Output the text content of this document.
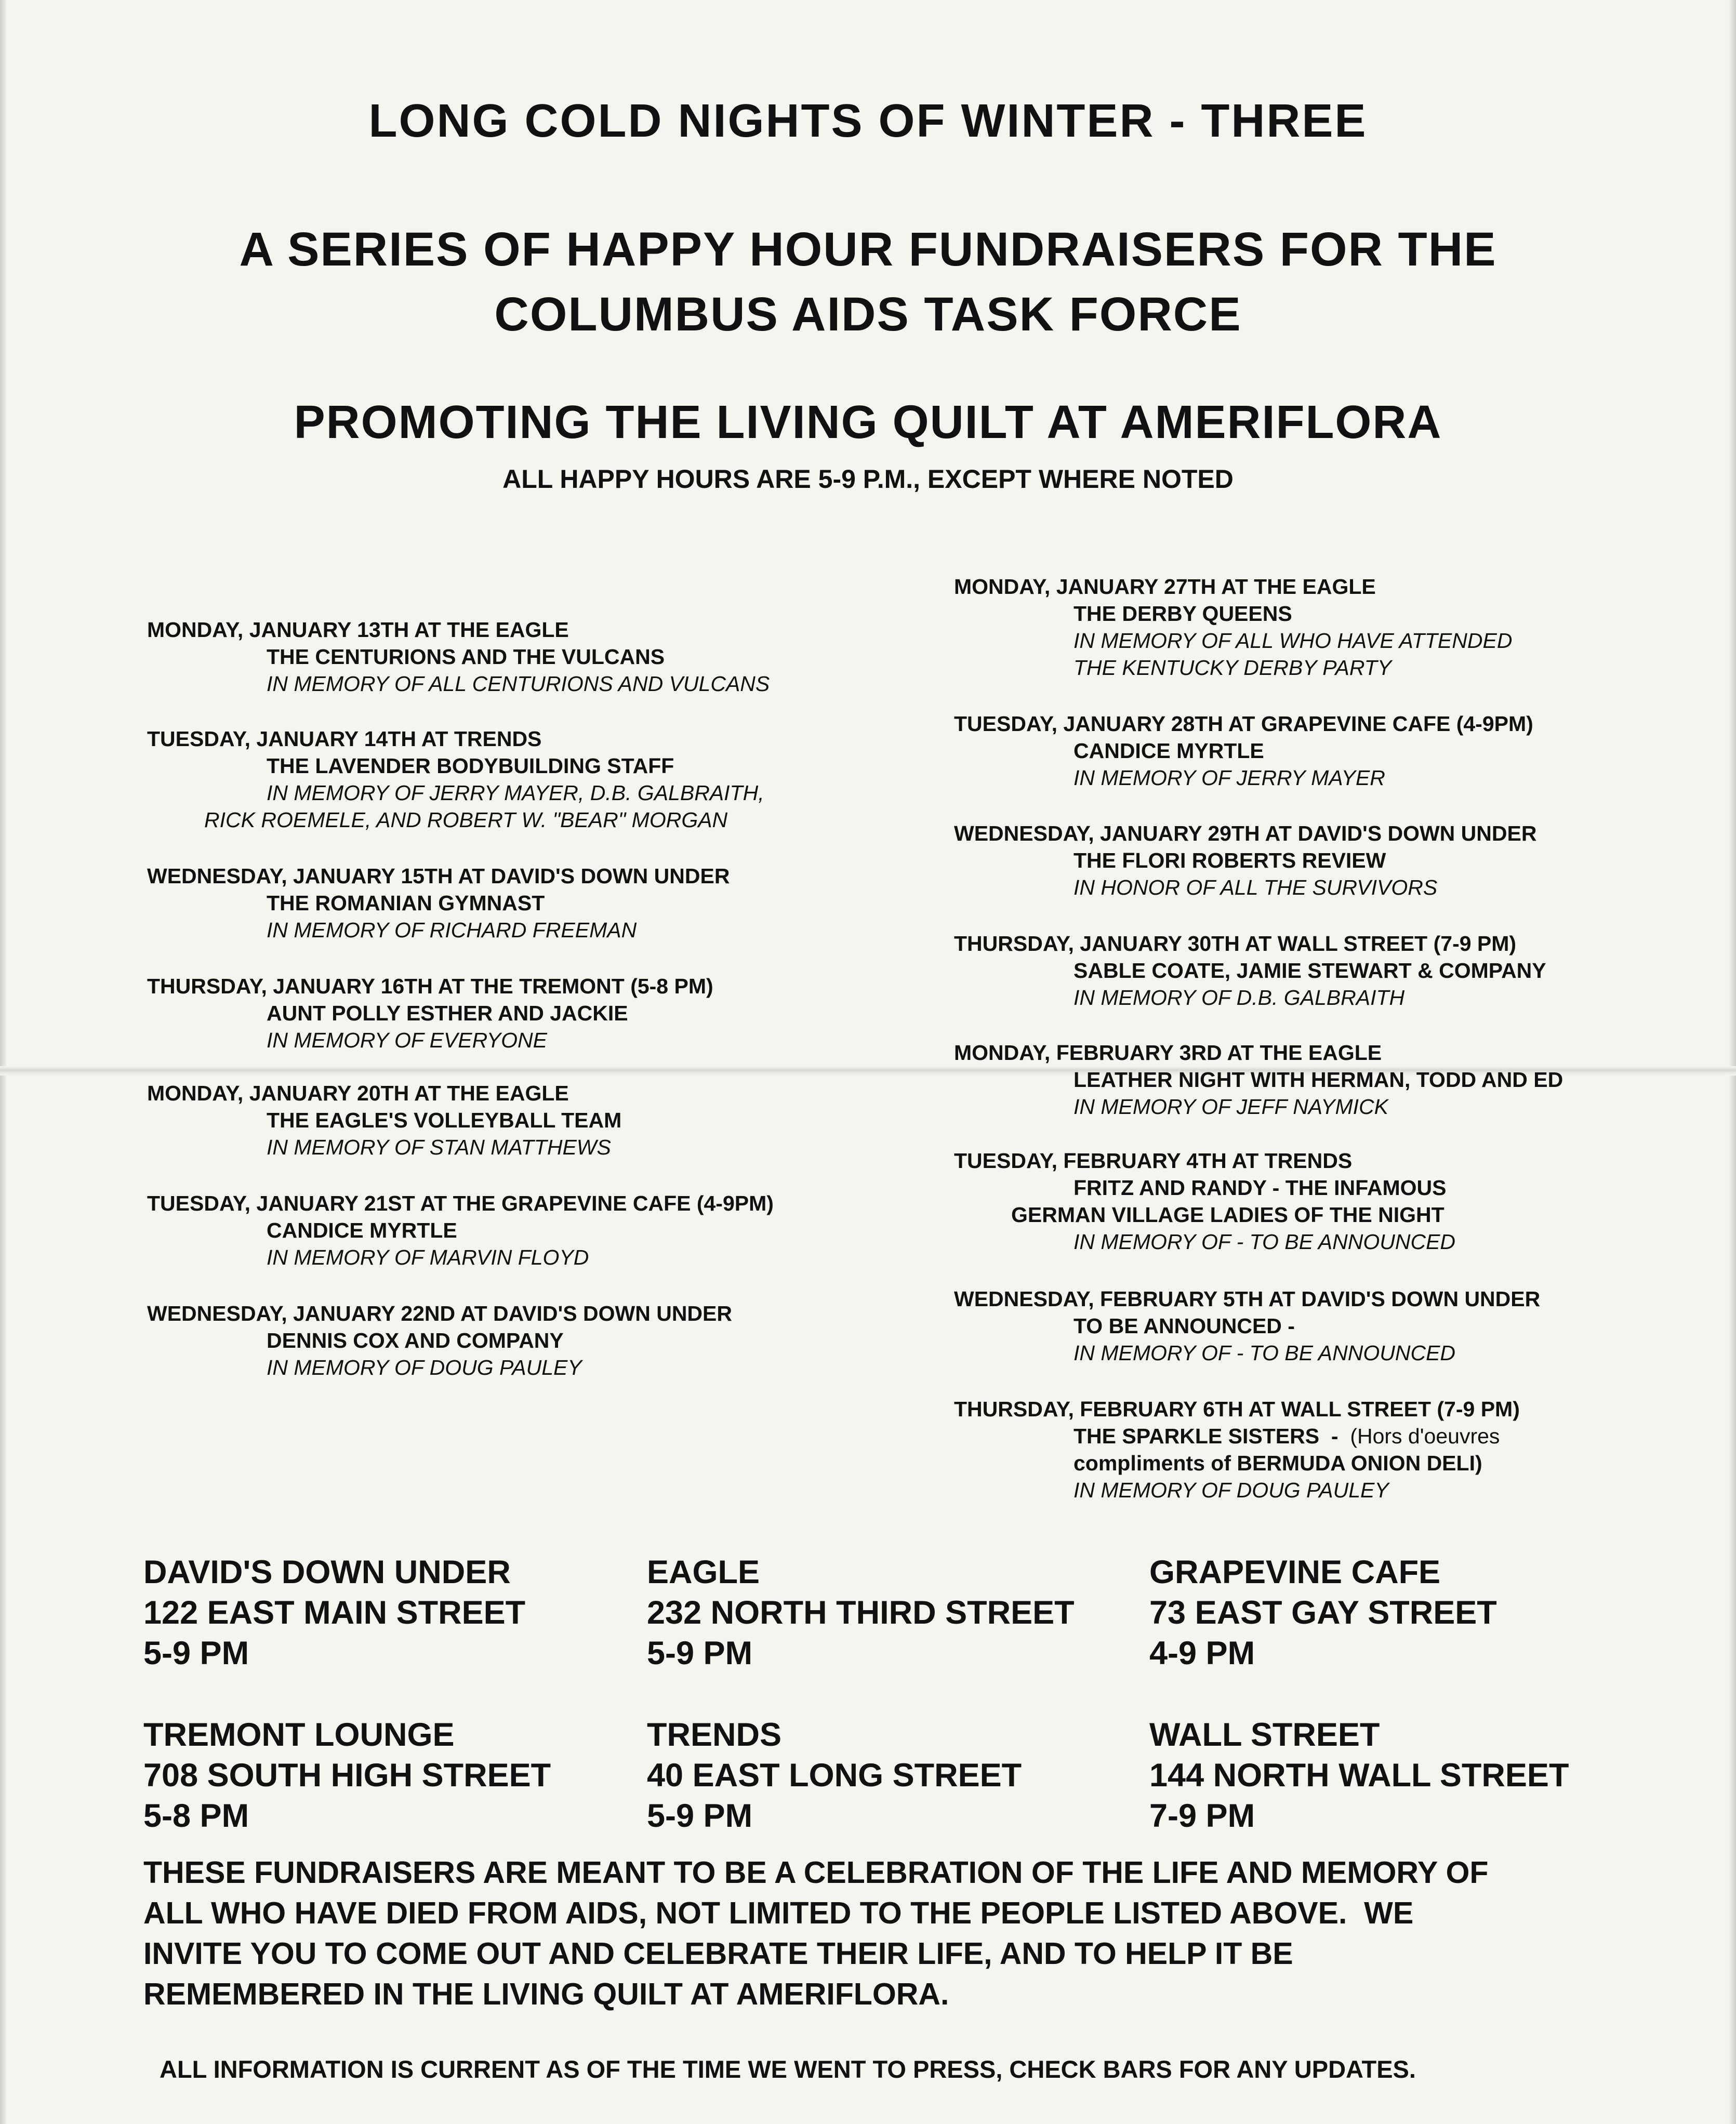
LONG COLD NIGHTS OF WINTER - THREE
A SERIES OF HAPPY HOUR FUNDRAISERS FOR THE
COLUMBUS AIDS TASK FORCE
PROMOTING THE LIVING QUILT AT AMERIFLORA
ALL HAPPY HOURS ARE 5-9 P.M., EXCEPT WHERE NOTED
MONDAY, JANUARY 13TH AT THE EAGLE
THE CENTURIONS AND THE VULCANS
IN MEMORY OF ALL CENTURIONS AND VULCANS
TUESDAY, JANUARY 14TH AT TRENDS
THE LAVENDER BODYBUILDING STAFF
IN MEMORY OF JERRY MAYER, D.B. GALBRAITH,
RICK ROEMELE, AND ROBERT W. "BEAR" MORGAN
WEDNESDAY, JANUARY 15TH AT DAVID'S DOWN UNDER
THE ROMANIAN GYMNAST
IN MEMORY OF RICHARD FREEMAN
THURSDAY, JANUARY 16TH AT THE TREMONT (5-8 PM)
AUNT POLLY ESTHER AND JACKIE
IN MEMORY OF EVERYONE
MONDAY, JANUARY 20TH AT THE EAGLE
THE EAGLE'S VOLLEYBALL TEAM
IN MEMORY OF STAN MATTHEWS
TUESDAY, JANUARY 21ST AT THE GRAPEVINE CAFE (4-9PM)
CANDICE MYRTLE
IN MEMORY OF MARVIN FLOYD
WEDNESDAY, JANUARY 22ND AT DAVID'S DOWN UNDER
DENNIS COX AND COMPANY
IN MEMORY OF DOUG PAULEY
MONDAY, JANUARY 27TH AT THE EAGLE
THE DERBY QUEENS
IN MEMORY OF ALL WHO HAVE ATTENDED
THE KENTUCKY DERBY PARTY
TUESDAY, JANUARY 28TH AT GRAPEVINE CAFE (4-9PM)
CANDICE MYRTLE
IN MEMORY OF JERRY MAYER
WEDNESDAY, JANUARY 29TH AT DAVID'S DOWN UNDER
THE FLORI ROBERTS REVIEW
IN HONOR OF ALL THE SURVIVORS
THURSDAY, JANUARY 30TH AT WALL STREET (7-9 PM)
SABLE COATE, JAMIE STEWART & COMPANY
IN MEMORY OF D.B. GALBRAITH
MONDAY, FEBRUARY 3RD AT THE EAGLE
LEATHER NIGHT WITH HERMAN, TODD AND ED
IN MEMORY OF JEFF NAYMICK
TUESDAY, FEBRUARY 4TH AT TRENDS
FRITZ AND RANDY - THE INFAMOUS
GERMAN VILLAGE LADIES OF THE NIGHT
IN MEMORY OF - TO BE ANNOUNCED
WEDNESDAY, FEBRUARY 5TH AT DAVID'S DOWN UNDER
TO BE ANNOUNCED -
IN MEMORY OF - TO BE ANNOUNCED
THURSDAY, FEBRUARY 6TH AT WALL STREET (7-9 PM)
THE SPARKLE SISTERS  -  (Hors d'oeuvres
compliments of BERMUDA ONION DELI)
IN MEMORY OF DOUG PAULEY
DAVID'S DOWN UNDER
122 EAST MAIN STREET
5-9 PM
EAGLE
232 NORTH THIRD STREET
5-9 PM
GRAPEVINE CAFE
73 EAST GAY STREET
4-9 PM
TREMONT LOUNGE
708 SOUTH HIGH STREET
5-8 PM
TRENDS
40 EAST LONG STREET
5-9 PM
WALL STREET
144 NORTH WALL STREET
7-9 PM
THESE FUNDRAISERS ARE MEANT TO BE A CELEBRATION OF THE LIFE AND MEMORY OF
ALL WHO HAVE DIED FROM AIDS, NOT LIMITED TO THE PEOPLE LISTED ABOVE.  WE
INVITE YOU TO COME OUT AND CELEBRATE THEIR LIFE, AND TO HELP IT BE
REMEMBERED IN THE LIVING QUILT AT AMERIFLORA.
ALL INFORMATION IS CURRENT AS OF THE TIME WE WENT TO PRESS, CHECK BARS FOR ANY UPDATES.
